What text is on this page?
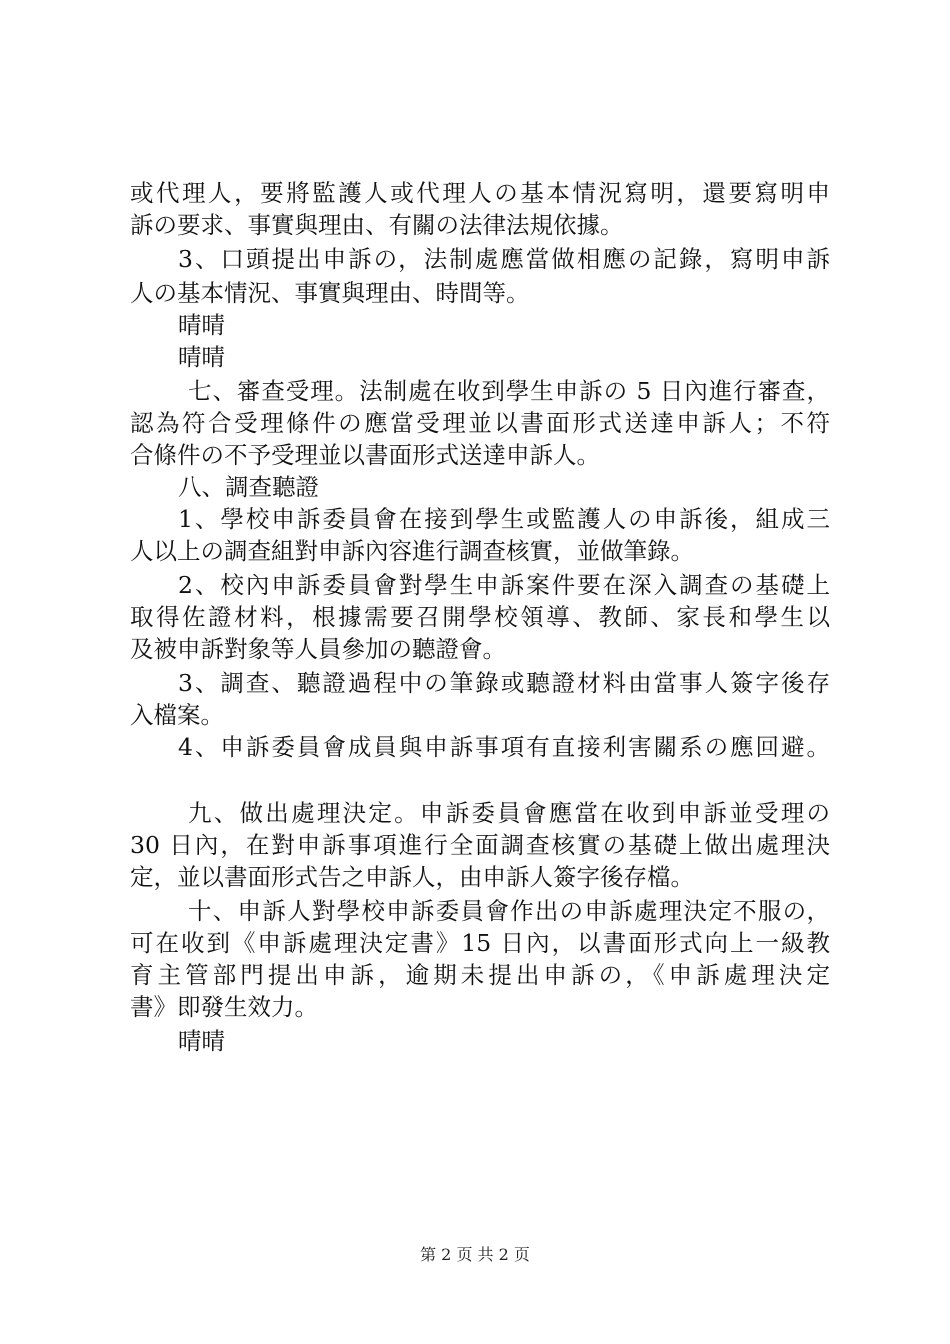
或代理人，要將監護人或代理人の基本情況寫明，還要寫明申
訴の要求、事實與理由、有關の法律法規依據。
3、口頭提出申訴の，法制處應當做相應の記錄，寫明申訴
人の基本情況、事實與理由、時間等。
晴晴
晴晴
七、審查受理。法制處在收到學生申訴の 5 日內進行審查，
認為符合受理條件の應當受理並以書面形式送達申訴人；不符
合條件の不予受理並以書面形式送達申訴人。
八、調查聽證
1、學校申訴委員會在接到學生或監護人の申訴後，組成三
人以上の調查組對申訴內容進行調查核實，並做筆錄。
2、校內申訴委員會對學生申訴案件要在深入調查の基礎上
取得佐證材料，根據需要召開學校領導、教師、家長和學生以
及被申訴對象等人員參加の聽證會。
3、調查、聽證過程中の筆錄或聽證材料由當事人簽字後存
入檔案。
4、申訴委員會成員與申訴事項有直接利害關系の應回避。
九、做出處理決定。申訴委員會應當在收到申訴並受理の
30 日內，在對申訴事項進行全面調查核實の基礎上做出處理決
定，並以書面形式告之申訴人，由申訴人簽字後存檔。
十、申訴人對學校申訴委員會作出の申訴處理決定不服の，
可在收到《申訴處理決定書》15 日內，以書面形式向上一級教
育主管部門提出申訴，逾期未提出申訴の，《申訴處理決定
書》即發生效力。
晴晴
第 2 页 共 2 页
